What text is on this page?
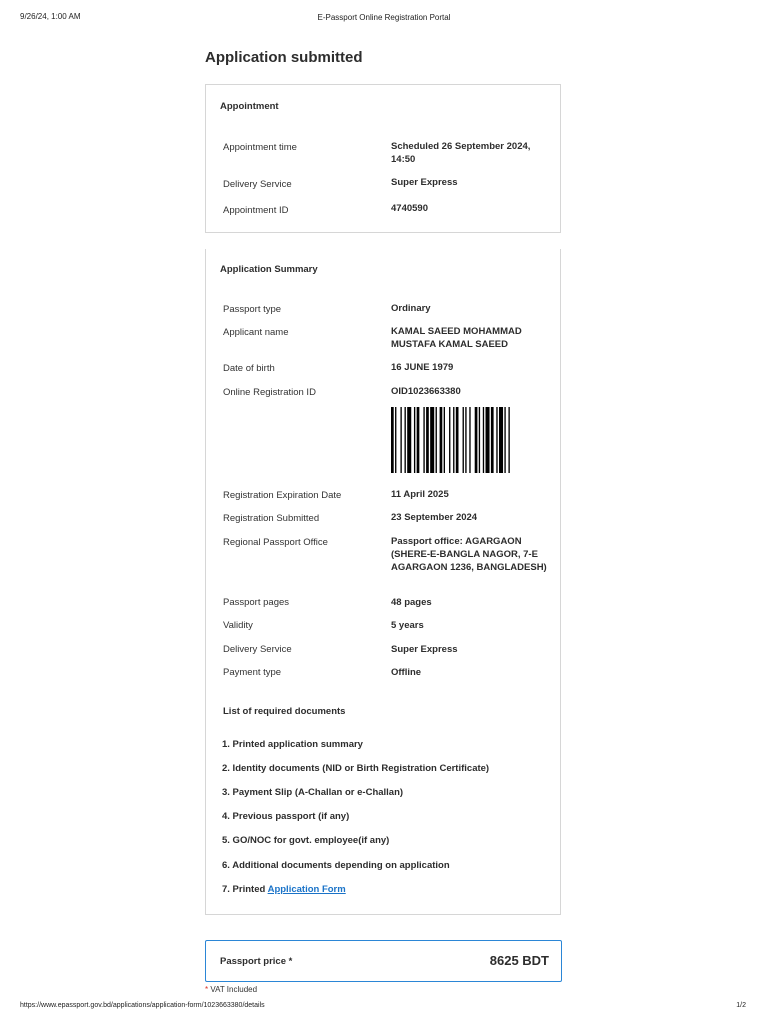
9/26/24, 1:00 AM	E-Passport Online Registration Portal
Application submitted
Appointment
Appointment time	Scheduled 26 September 2024, 14:50
Delivery Service	Super Express
Appointment ID	4740590
Application Summary
Passport type	Ordinary
Applicant name	KAMAL SAEED MOHAMMAD MUSTAFA KAMAL SAEED
Date of birth	16 JUNE 1979
Online Registration ID	OID1023663380
Registration Expiration Date	11 April 2025
Registration Submitted	23 September 2024
Regional Passport Office	Passport office: AGARGAON (SHERE-E-BANGLA NAGOR, 7-E AGARGAON 1236, BANGLADESH)
Passport pages	48 pages
Validity	5 years
Delivery Service	Super Express
Payment type	Offline
List of required documents
1. Printed application summary
2. Identity documents (NID or Birth Registration Certificate)
3. Payment Slip (A-Challan or e-Challan)
4. Previous passport (if any)
5. GO/NOC for govt. employee(if any)
6. Additional documents depending on application
7. Printed Application Form
Passport price *	8625 BDT
* VAT Included
https://www.epassport.gov.bd/applications/application-form/1023663380/details	1/2
